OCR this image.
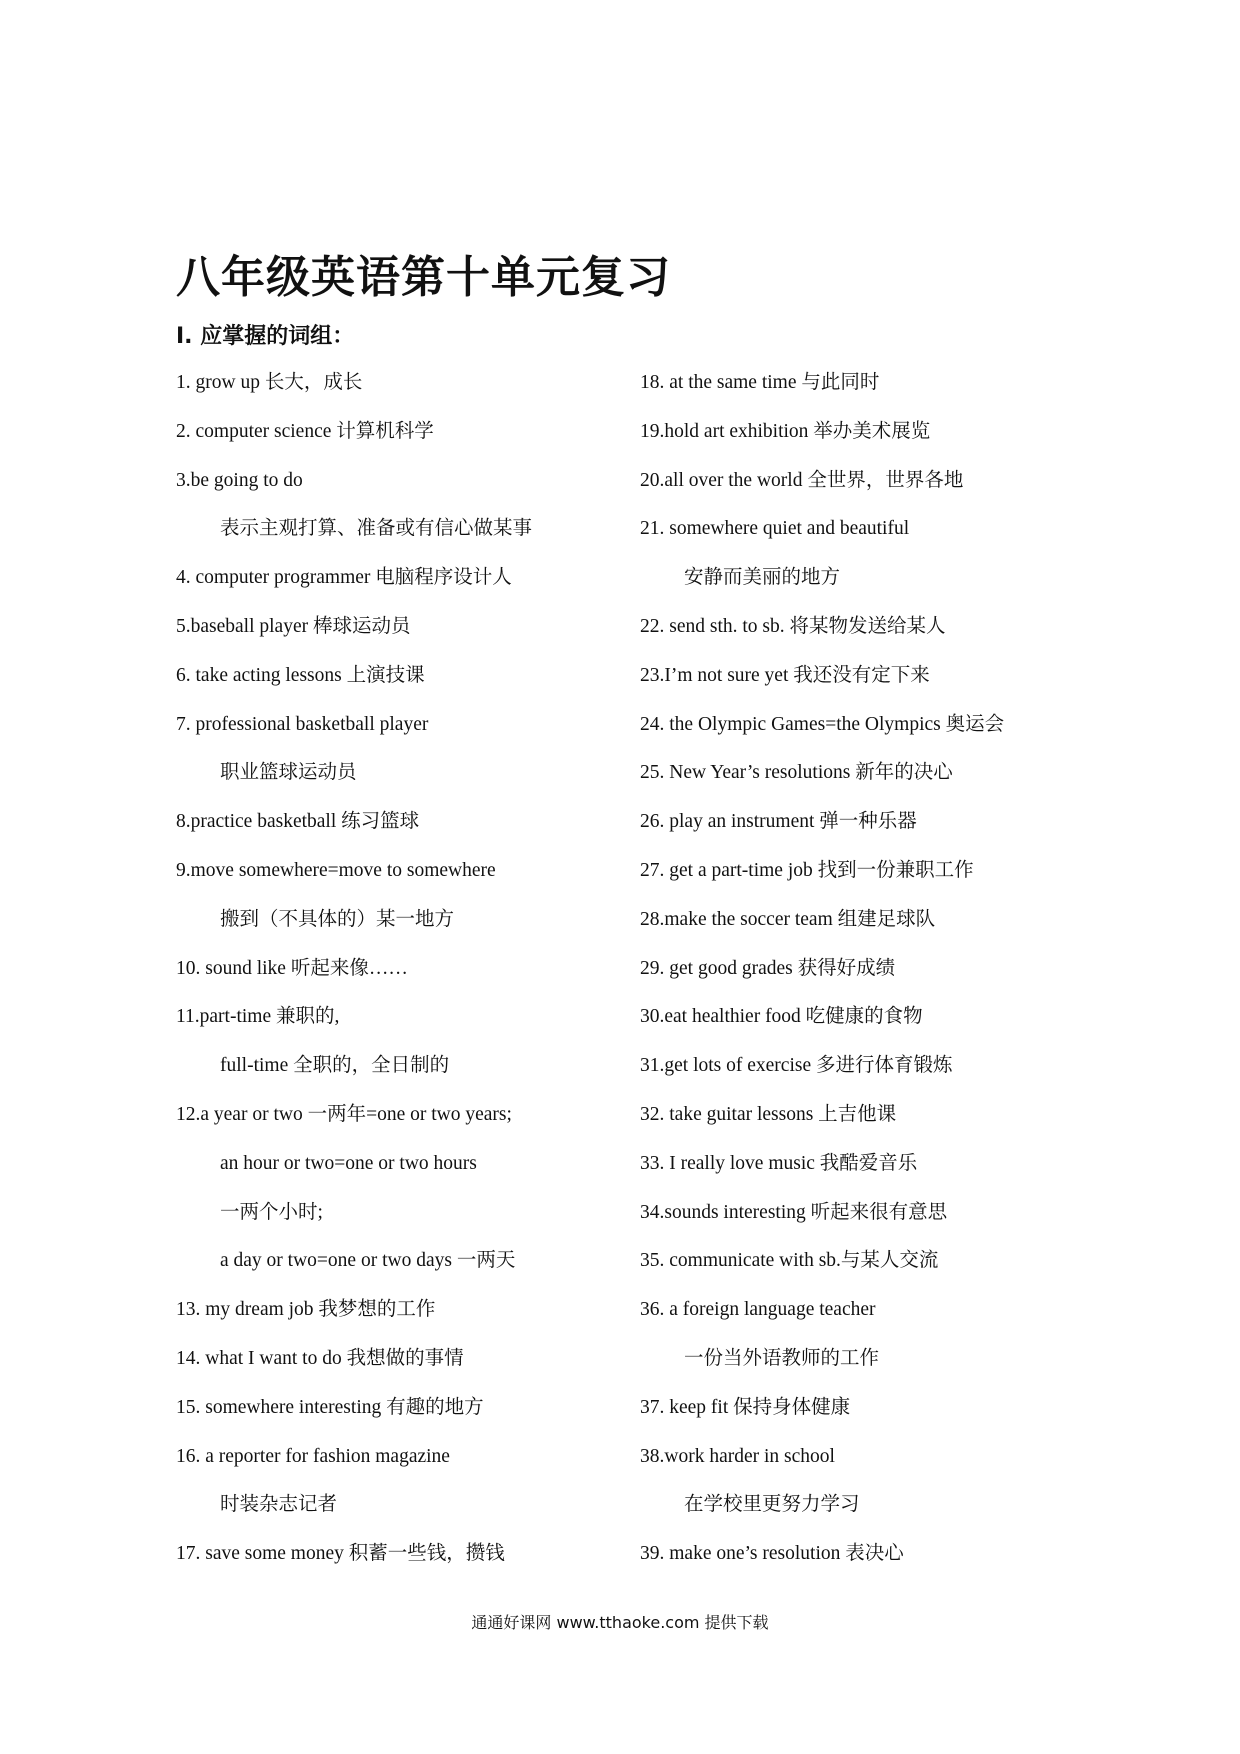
八年级英语第十单元复习
I. 应掌握的词组：
1. grow up 长大，成长
2. computer science 计算机科学
3.be going to do
表示主观打算、准备或有信心做某事
4. computer programmer 电脑程序设计人
5.baseball player 棒球运动员
6. take acting lessons 上演技课
7. professional basketball player
职业篮球运动员
8.practice basketball 练习篮球
9.move somewhere=move to somewhere
搬到（不具体的）某一地方
10. sound like 听起来像……
11.part-time 兼职的,
full-time 全职的，全日制的
12.a year or two 一两年=one or two years;
an hour or two=one or two hours
一两个小时;
a day or two=one or two days 一两天
13. my dream job 我梦想的工作
14. what I want to do 我想做的事情
15. somewhere interesting 有趣的地方
16. a reporter for fashion magazine
时装杂志记者
17. save some money 积蓄一些钱，攒钱
18. at the same time 与此同时
19.hold art exhibition 举办美术展览
20.all over the world 全世界，世界各地
21. somewhere quiet and beautiful
安静而美丽的地方
22. send sth. to sb. 将某物发送给某人
23.I’m not sure yet 我还没有定下来
24. the Olympic Games=the Olympics 奥运会
25. New Year’s resolutions 新年的决心
26. play an instrument 弹一种乐器
27. get a part-time job 找到一份兼职工作
28.make the soccer team 组建足球队
29. get good grades 获得好成绩
30.eat healthier food 吃健康的食物
31.get lots of exercise 多进行体育锻炼
32. take guitar lessons 上吉他课
33. I really love music 我酷爱音乐
34.sounds interesting 听起来很有意思
35. communicate with sb.与某人交流
36. a foreign language teacher
一份当外语教师的工作
37. keep fit 保持身体健康
38.work harder in school
在学校里更努力学习
39. make one’s resolution 表决心
通通好课网 www.tthaoke.com 提供下载
